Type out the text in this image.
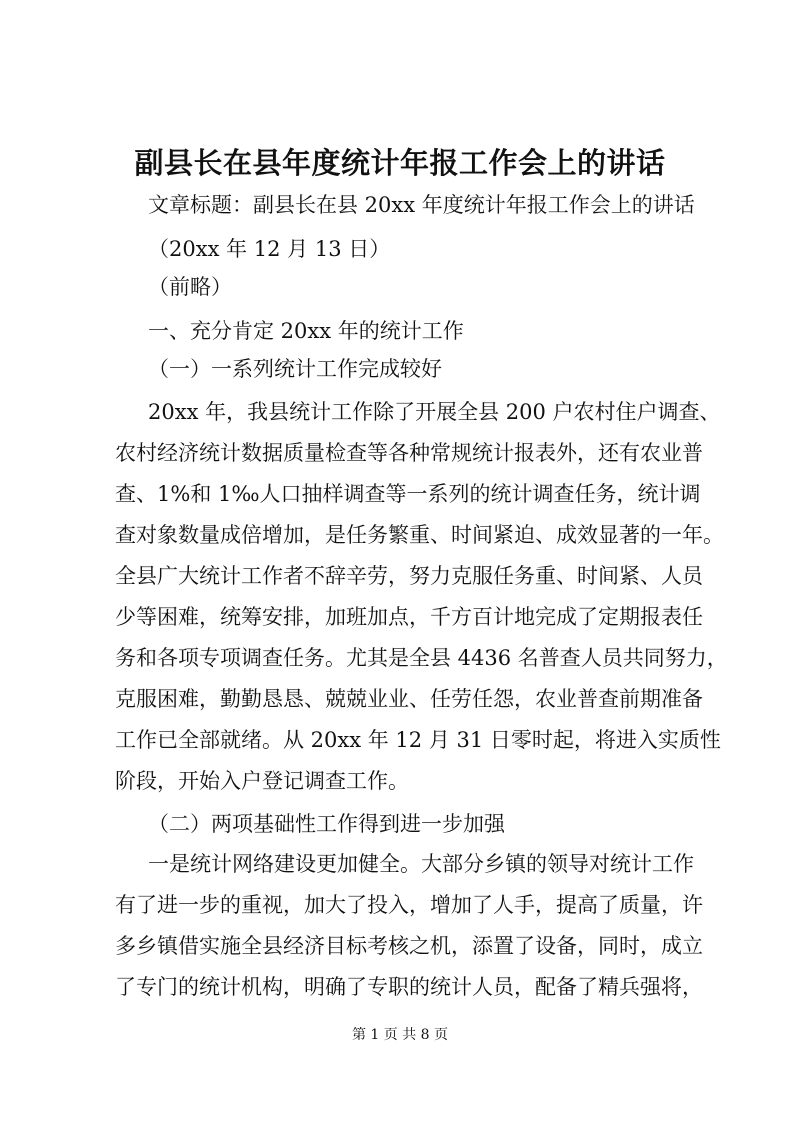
副县长在县年度统计年报工作会上的讲话
文章标题：副县长在县 20xx 年度统计年报工作会上的讲话
（20xx 年 12 月 13 日）
（前略）
一、充分肯定 20xx 年的统计工作
（一）一系列统计工作完成较好
20xx 年，我县统计工作除了开展全县 200 户农村住户调查、
农村经济统计数据质量检查等各种常规统计报表外，还有农业普
查、1%和 1‰人口抽样调查等一系列的统计调查任务，统计调
查对象数量成倍增加，是任务繁重、时间紧迫、成效显著的一年。
全县广大统计工作者不辞辛劳，努力克服任务重、时间紧、人员
少等困难，统筹安排，加班加点，千方百计地完成了定期报表任
务和各项专项调查任务。尤其是全县 4436 名普查人员共同努力，
克服困难，勤勤恳恳、兢兢业业、任劳任怨，农业普查前期准备
工作已全部就绪。从 20xx 年 12 月 31 日零时起，将进入实质性
阶段，开始入户登记调查工作。
（二）两项基础性工作得到进一步加强
一是统计网络建设更加健全。大部分乡镇的领导对统计工作
有了进一步的重视，加大了投入，增加了人手，提高了质量，许
多乡镇借实施全县经济目标考核之机，添置了设备，同时，成立
了专门的统计机构，明确了专职的统计人员，配备了精兵强将，
第 1 页 共 8 页
